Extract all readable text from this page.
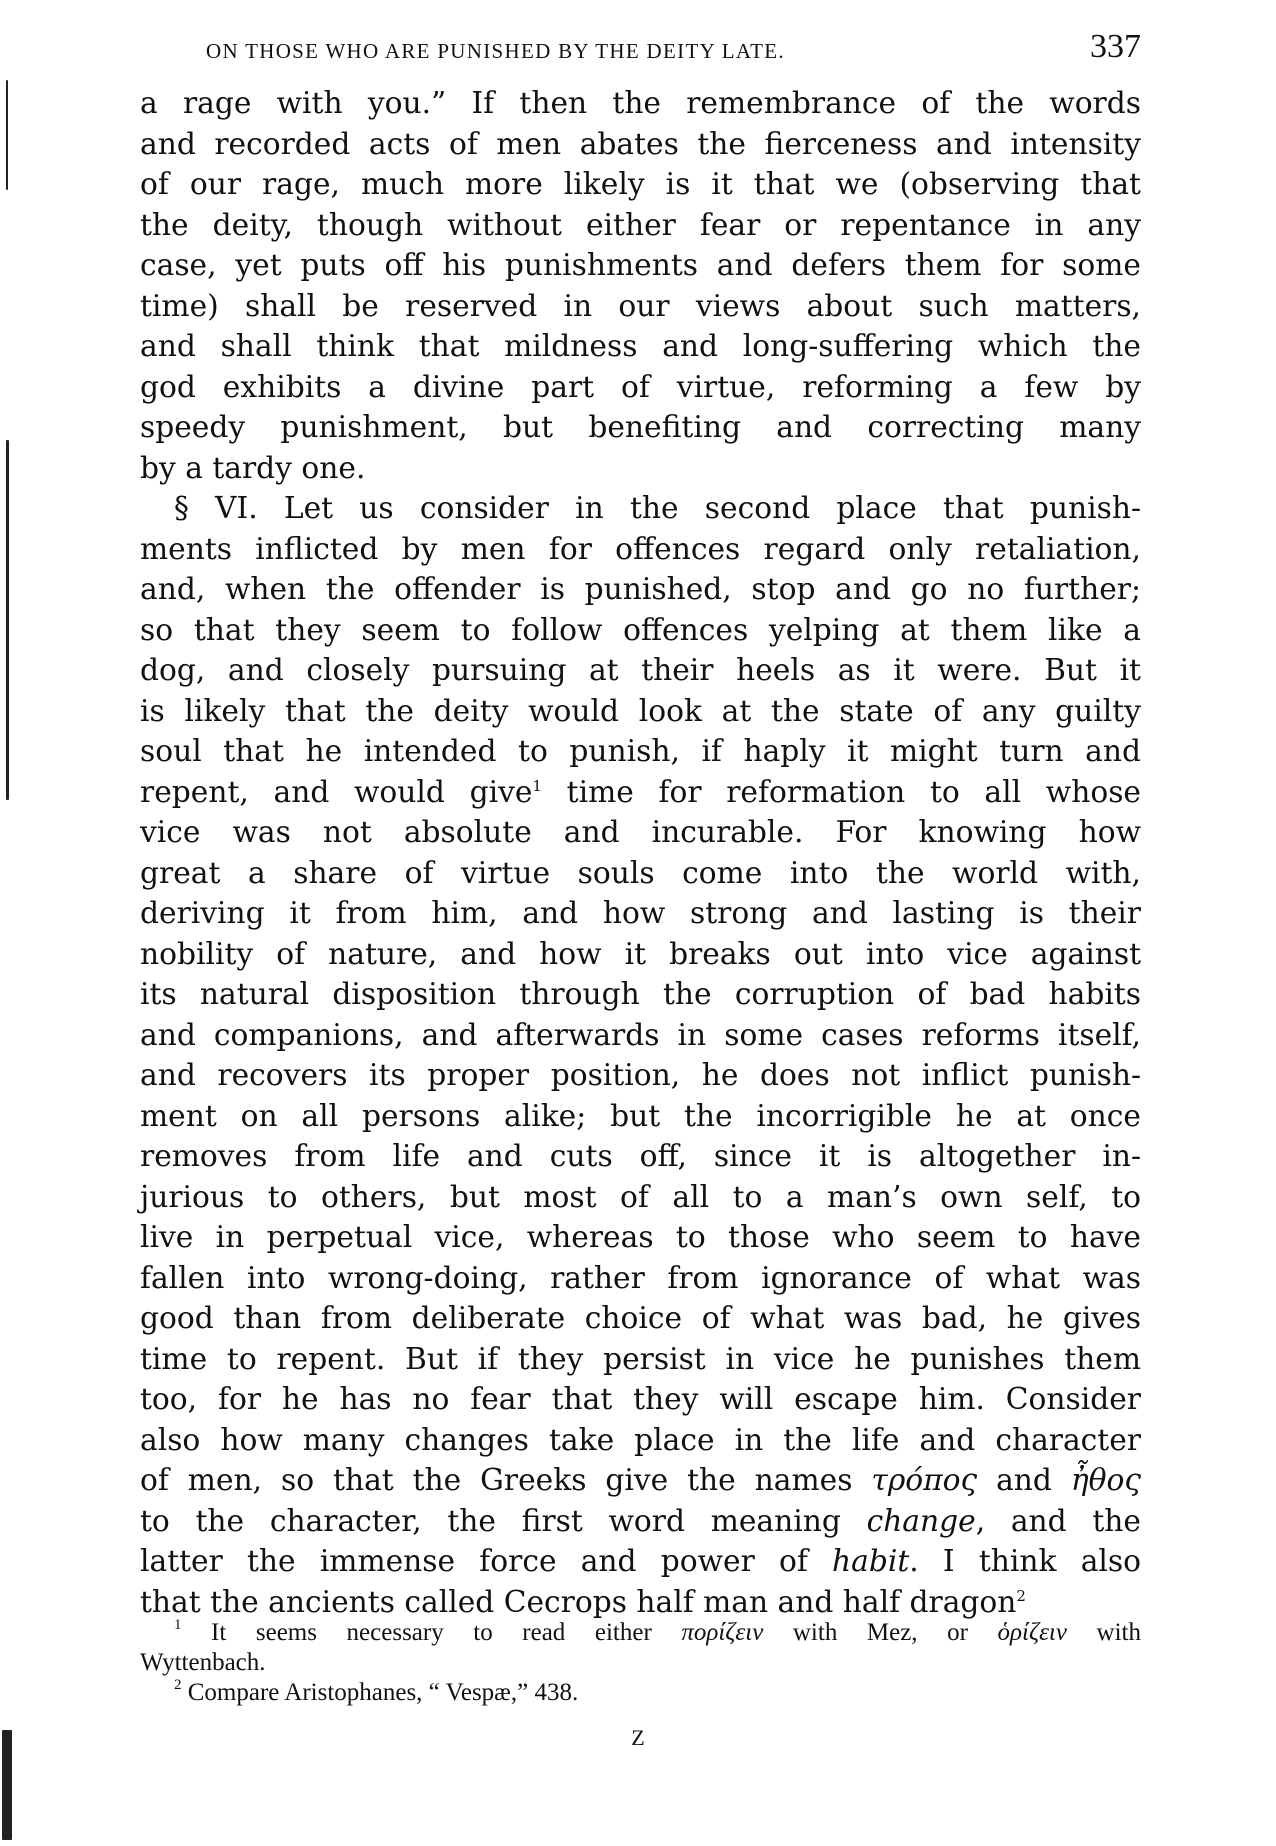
ON THOSE WHO ARE PUNISHED BY THE DEITY LATE.	337
a rage with you.” If then the remembrance of the words
and recorded acts of men abates the fierceness and intensity
of our rage, much more likely is it that we (observing that
the deity, though without either fear or repentance in any
case, yet puts off his punishments and defers them for some
time) shall be reserved in our views about such matters,
and shall think that mildness and long-suffering which the
god exhibits a divine part of virtue, reforming a few by
speedy punishment, but benefiting and correcting many
by a tardy one.
§ VI. Let us consider in the second place that punish-
ments inflicted by men for offences regard only retaliation,
and, when the offender is punished, stop and go no further;
so that they seem to follow offences yelping at them like a
dog, and closely pursuing at their heels as it were. But it
is likely that the deity would look at the state of any guilty
soul that he intended to punish, if haply it might turn and
repent, and would give$^1$ time for reformation to all whose
vice was not absolute and incurable. For knowing how
great a share of virtue souls come into the world with,
deriving it from him, and how strong and lasting is their
nobility of nature, and how it breaks out into vice against
its natural disposition through the corruption of bad habits
and companions, and afterwards in some cases reforms itself,
and recovers its proper position, he does not inflict punish-
ment on all persons alike; but the incorrigible he at once
removes from life and cuts off, since it is altogether in-
jurious to others, but most of all to a man’s own self, to
live in perpetual vice, whereas to those who seem to have
fallen into wrong-doing, rather from ignorance of what was
good than from deliberate choice of what was bad, he gives
time to repent. But if they persist in vice he punishes them
too, for he has no fear that they will escape him. Consider
also how many changes take place in the life and character
of men, so that the Greeks give the names τρόπος and ἦθος
to the character, the first word meaning change, and the
latter the immense force and power of habit. I think also
that the ancients called Cecrops half man and half dragon$^2$
$^1$ It seems necessary to read either πορίζειν with Mez, or ὁρίζειν with
Wyttenbach.
$^2$ Compare Aristophanes, “ Vespæ,” 438.
Z
